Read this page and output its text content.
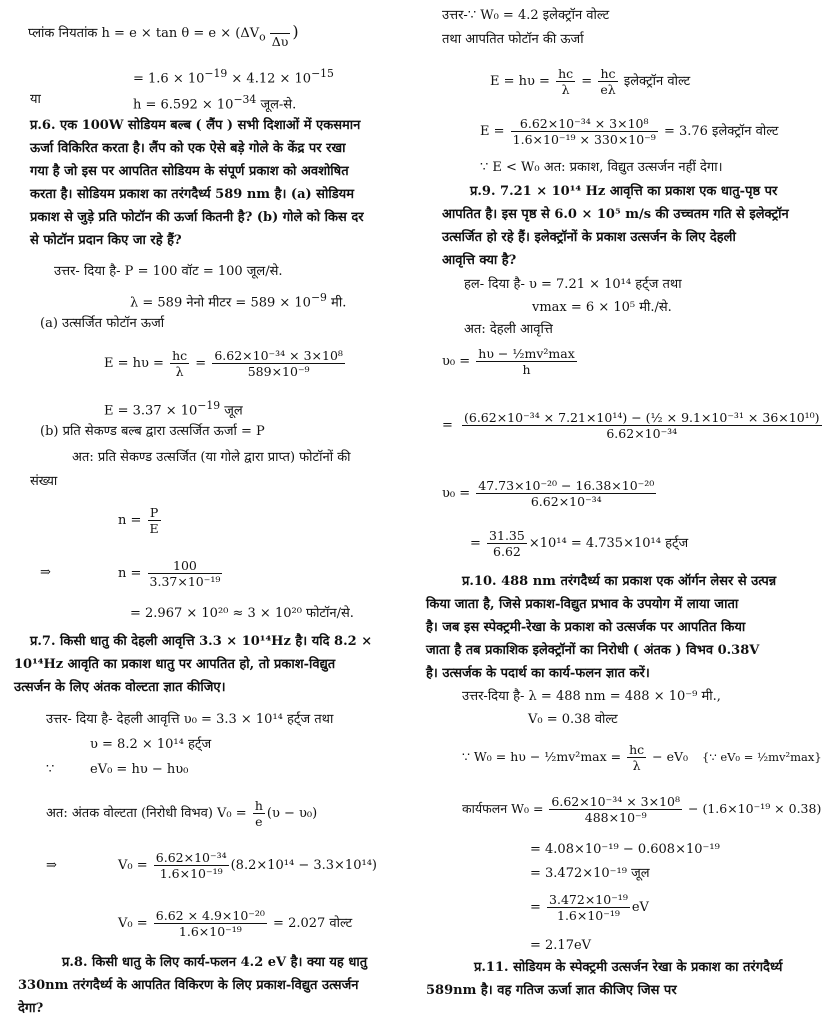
प्लांक नियतांक $h = e \times \tan \theta = e \times (\Delta V_o$
Δυ
)
= $1.6 \times 10^{-19} \times 4.12 \times 10^{-15}$
या	$h = 6.592 \times 10^{-34}$ जूल-से.
प्र.6. एक 100W सोडियम बल्ब ( लैंप ) सभी दिशाओं में एकसमान
ऊर्जा विकिरित करता है। लैंप को एक ऐसे बड़े गोले के केंद्र पर रखा
गया है जो इस पर आपतित सोडियम के संपूर्ण प्रकाश को अवशोषित
करता है। सोडियम प्रकाश का तरंगदैर्ध्य 589 nm है। (a) सोडियम
प्रकाश से जुड़े प्रति फोटॉन की ऊर्जा कितनी है? (b) गोले को किस दर
से फोटॉन प्रदान किए जा रहे हैं?
उत्तर- दिया है- P = 100 वॉट = 100 जूल/से.
λ = 589 नेनो मीटर = $589 \times 10^{-9}$ मी.
(a) उत्सर्जित फोटॉन ऊर्जा
$E = h\upsilon = \frac{hc}{\lambda} = \frac{\text{6.62×10⁻³⁴ × 3×10⁸}}{\text{589×10⁻⁹}}$
$E = 3.37 \times 10^{-19}$ जूल
(b) प्रति सेकण्ड बल्ब द्वारा उत्सर्जित ऊर्जा = P
अत: प्रति सेकण्ड उत्सर्जित (या गोले द्वारा प्राप्त) फोटॉनों की
संख्या
$n = \frac{P}{E}$
⇒	$n = \frac{100}{\text{3.37×10⁻¹⁹}}$
= 2.967 × 10²⁰ ≈ 3 × 10²⁰ फोटॉन/से.
प्र.7. किसी धातु की देहली आवृत्ति 3.3 × 10¹⁴Hz है। यदि 8.2 ×
10¹⁴Hz आवृति का प्रकाश धातु पर आपतित हो, तो प्रकाश-विद्युत
उत्सर्जन के लिए अंतक वोल्टता ज्ञात कीजिए।
उत्तर- दिया है- देहली आवृत्ति υ₀ = 3.3 × 10¹⁴ हर्ट्ज तथा
υ = 8.2 × 10¹⁴ हर्ट्ज
∵	eV₀ = hυ − hυ₀
अत: अंतक वोल्टता (निरोधी विभव) $V_0 = \frac{h}{e} (\upsilon - \upsilon_0)$
⇒	$V_0 = \frac{\text{6.62×10⁻³⁴}}{\text{1.6×10⁻¹⁹}} (8.2\times 10^{14} - 3.3\times 10^{14})$
$V_0 = \frac{\text{6.62 × 4.9×10⁻²⁰}}{\text{1.6×10⁻¹⁹}} = 2.027$ वोल्ट
प्र.8. किसी धातु के लिए कार्य-फलन 4.2 eV है। क्या यह धातु
330nm तरंगदैर्ध्य के आपतित विकिरण के लिए प्रकाश-विद्युत उत्सर्जन
देगा?
उत्तर-∵ W₀ = 4.2 इलेक्ट्रॉन वोल्ट
तथा आपतित फोटॉन की ऊर्जा
$E = h\upsilon = \frac{hc}{\lambda} = \frac{hc}{e\lambda}$ इलेक्ट्रॉन वोल्ट
$E = \frac{\text{6.62×10⁻³⁴ × 3×10⁸}}{\text{1.6×10⁻¹⁹ × 330×10⁻⁹}} = 3.76$ इलेक्ट्रॉन वोल्ट
∵ E < W₀ अत: प्रकाश, विद्युत उत्सर्जन नहीं देगा।
प्र.9. 7.21 × 10¹⁴ Hz आवृत्ति का प्रकाश एक धातु-पृष्ठ पर
आपतित है। इस पृष्ठ से 6.0 × 10⁵ m/s की उच्चतम गति से इलेक्ट्रॉन
उत्सर्जित हो रहे हैं। इलेक्ट्रॉनों के प्रकाश उत्सर्जन के लिए देहली
आवृत्ति क्या है?
हल- दिया है- υ = 7.21 × 10¹⁴ हर्ट्ज तथा
vmax = 6 × 10⁵ मी./से.
अत: देहली आवृत्ति
$\upsilon_0 = \frac{\text{hυ − ½mv²max}}{h}$
= $\frac{\text{(6.62×10⁻³⁴ × 7.21×10¹⁴) − (½ × 9.1×10⁻³¹ × 36×10¹⁰)}}{\text{6.62×10⁻³⁴}}$
$\upsilon_0 = \frac{\text{47.73×10⁻²⁰ − 16.38×10⁻²⁰}}{\text{6.62×10⁻³⁴}}$
= $\frac{31.35}{6.62} \times 10^{14} = 4.735\times 10^{14}$ हर्ट्ज
प्र.10. 488 nm तरंगदैर्ध्य का प्रकाश एक ऑर्गन लेसर से उत्पन्न
किया जाता है, जिसे प्रकाश-विद्युत प्रभाव के उपयोग में लाया जाता
है। जब इस स्पेक्ट्रमी-रेखा के प्रकाश को उत्सर्जक पर आपतित किया
जाता है तब प्रकाशिक इलेक्ट्रॉनों का निरोधी ( अंतक ) विभव 0.38V
है। उत्सर्जक के पदार्थ का कार्य-फलन ज्ञात करें।
उत्तर-दिया है- λ = 488 nm = 488 × 10⁻⁹ मी.,
V₀ = 0.38 वोल्ट
∵ W₀ = hυ − ½mv²max = $\frac{hc}{\lambda} - eV_0$ {∵ eV₀ = ½mv²max}
कार्यफलन $W_0 = \frac{\text{6.62×10⁻³⁴ × 3×10⁸}}{\text{488×10⁻⁹}} - (1.6\times 10^{-19} \times 0.38)$
= 4.08×10⁻¹⁹ − 0.608×10⁻¹⁹
= 3.472×10⁻¹⁹ जूल
= $\frac{\text{3.472×10⁻¹⁹}}{\text{1.6×10⁻¹⁹}}$ eV
= 2.17eV
प्र.11. सोडियम के स्पेक्ट्रमी उत्सर्जन रेखा के प्रकाश का तरंगदैर्ध्य
589nm है। वह गतिज ऊर्जा ज्ञात कीजिए जिस पर
